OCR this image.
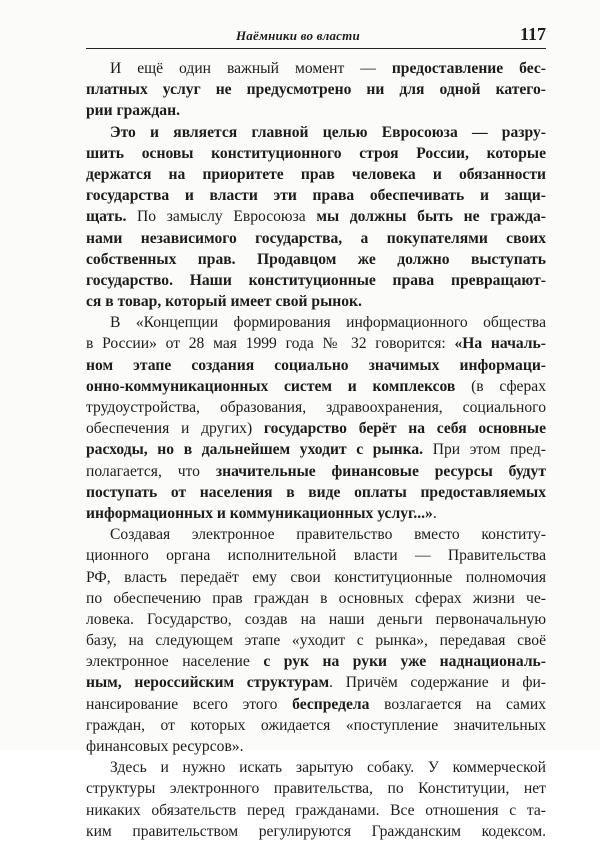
Наёмники во власти	117
И ещё один важный момент — предоставление бес-
платных услуг не предусмотрено ни для одной катего-
рии граждан.
Это и является главной целью Евросоюза — разру-
шить основы конституционного строя России, которые
держатся на приоритете прав человека и обязанности
государства и власти эти права обеспечивать и защи-
щать. По замыслу Евросоюза мы должны быть не гражда-
нами независимого государства, а покупателями своих
собственных прав. Продавцом же должно выступать
государство. Наши конституционные права превращают-
ся в товар, который имеет свой рынок.
В «Концепции формирования информационного общества
в России» от 28 мая 1999 года № 32 говорится: «На началь-
ном этапе создания социально значимых информаци-
онно-коммуникационных систем и комплексов (в сферах
трудоустройства, образования, здравоохранения, социального
обеспечения и других) государство берёт на себя основные
расходы, но в дальнейшем уходит с рынка. При этом пред-
полагается, что значительные финансовые ресурсы будут
поступать от населения в виде оплаты предоставляемых
информационных и коммуникационных услуг...».
Создавая электронное правительство вместо конститу-
ционного органа исполнительной власти — Правительства
РФ, власть передаёт ему свои конституционные полномочия
по обеспечению прав граждан в основных сферах жизни че-
ловека. Государство, создав на наши деньги первоначальную
базу, на следующем этапе «уходит с рынка», передавая своё
электронное население с рук на руки уже наднациональ-
ным, нероссийским структурам. Причём содержание и фи-
нансирование всего этого беспредела возлагается на самих
граждан, от которых ожидается «поступление значительных
финансовых ресурсов».
Здесь и нужно искать зарытую собаку. У коммерческой
структуры электронного правительства, по Конституции, нет
никаких обязательств перед гражданами. Все отношения с та-
ким правительством регулируются Гражданским кодексом.
